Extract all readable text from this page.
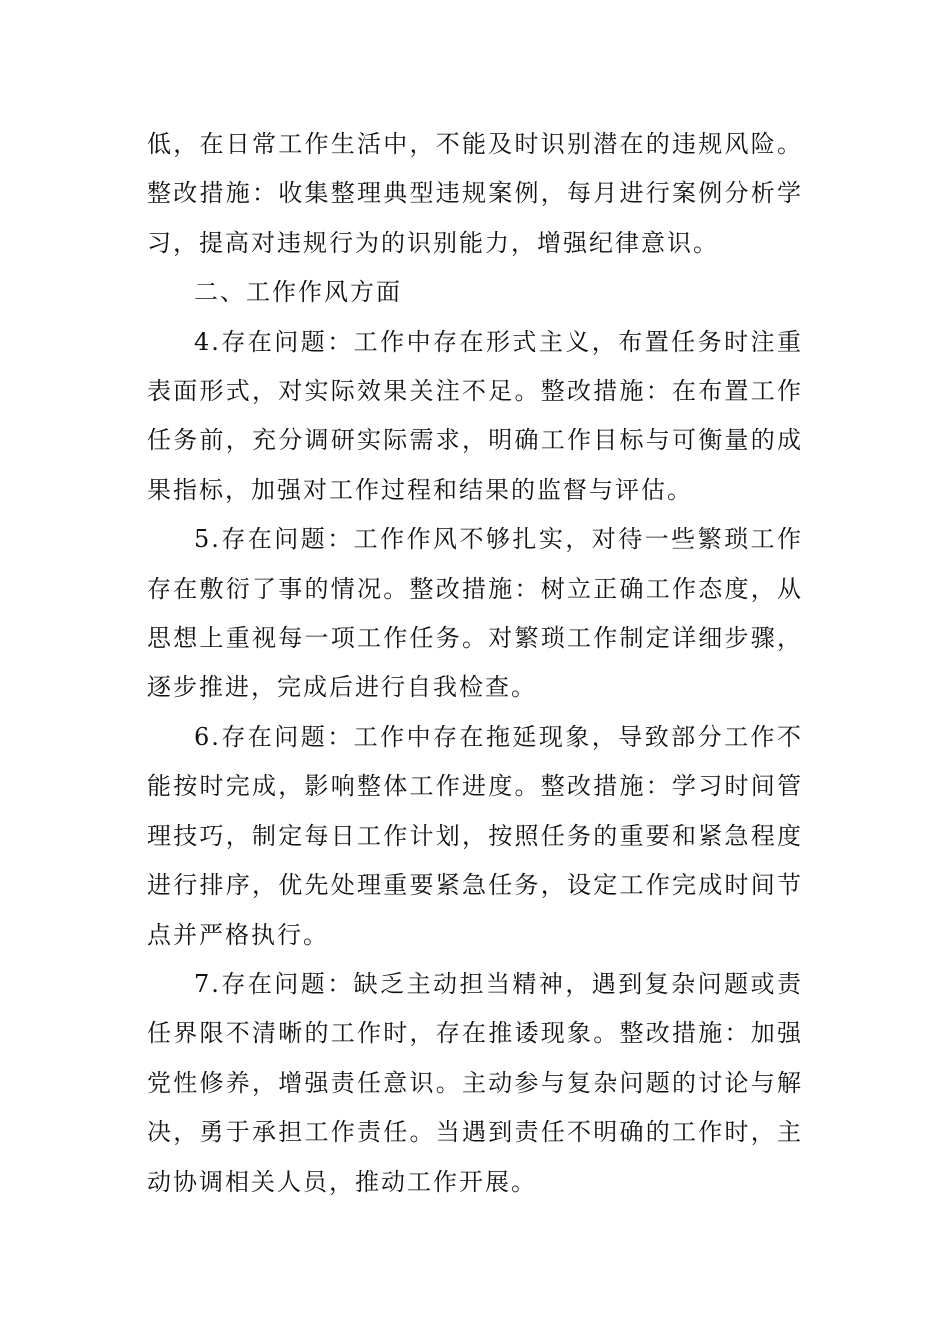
低，在日常工作生活中，不能及时识别潜在的违规风险。
整改措施：收集整理典型违规案例，每月进行案例分析学
习，提高对违规行为的识别能力，增强纪律意识。
二、工作作风方面
4.存在问题：工作中存在形式主义，布置任务时注重
表面形式，对实际效果关注不足。整改措施：在布置工作
任务前，充分调研实际需求，明确工作目标与可衡量的成
果指标，加强对工作过程和结果的监督与评估。
5.存在问题：工作作风不够扎实，对待一些繁琐工作
存在敷衍了事的情况。整改措施：树立正确工作态度，从
思想上重视每一项工作任务。对繁琐工作制定详细步骤，
逐步推进，完成后进行自我检查。
6.存在问题：工作中存在拖延现象，导致部分工作不
能按时完成，影响整体工作进度。整改措施：学习时间管
理技巧，制定每日工作计划，按照任务的重要和紧急程度
进行排序，优先处理重要紧急任务，设定工作完成时间节
点并严格执行。
7.存在问题：缺乏主动担当精神，遇到复杂问题或责
任界限不清晰的工作时，存在推诿现象。整改措施：加强
党性修养，增强责任意识。主动参与复杂问题的讨论与解
决，勇于承担工作责任。当遇到责任不明确的工作时，主
动协调相关人员，推动工作开展。
